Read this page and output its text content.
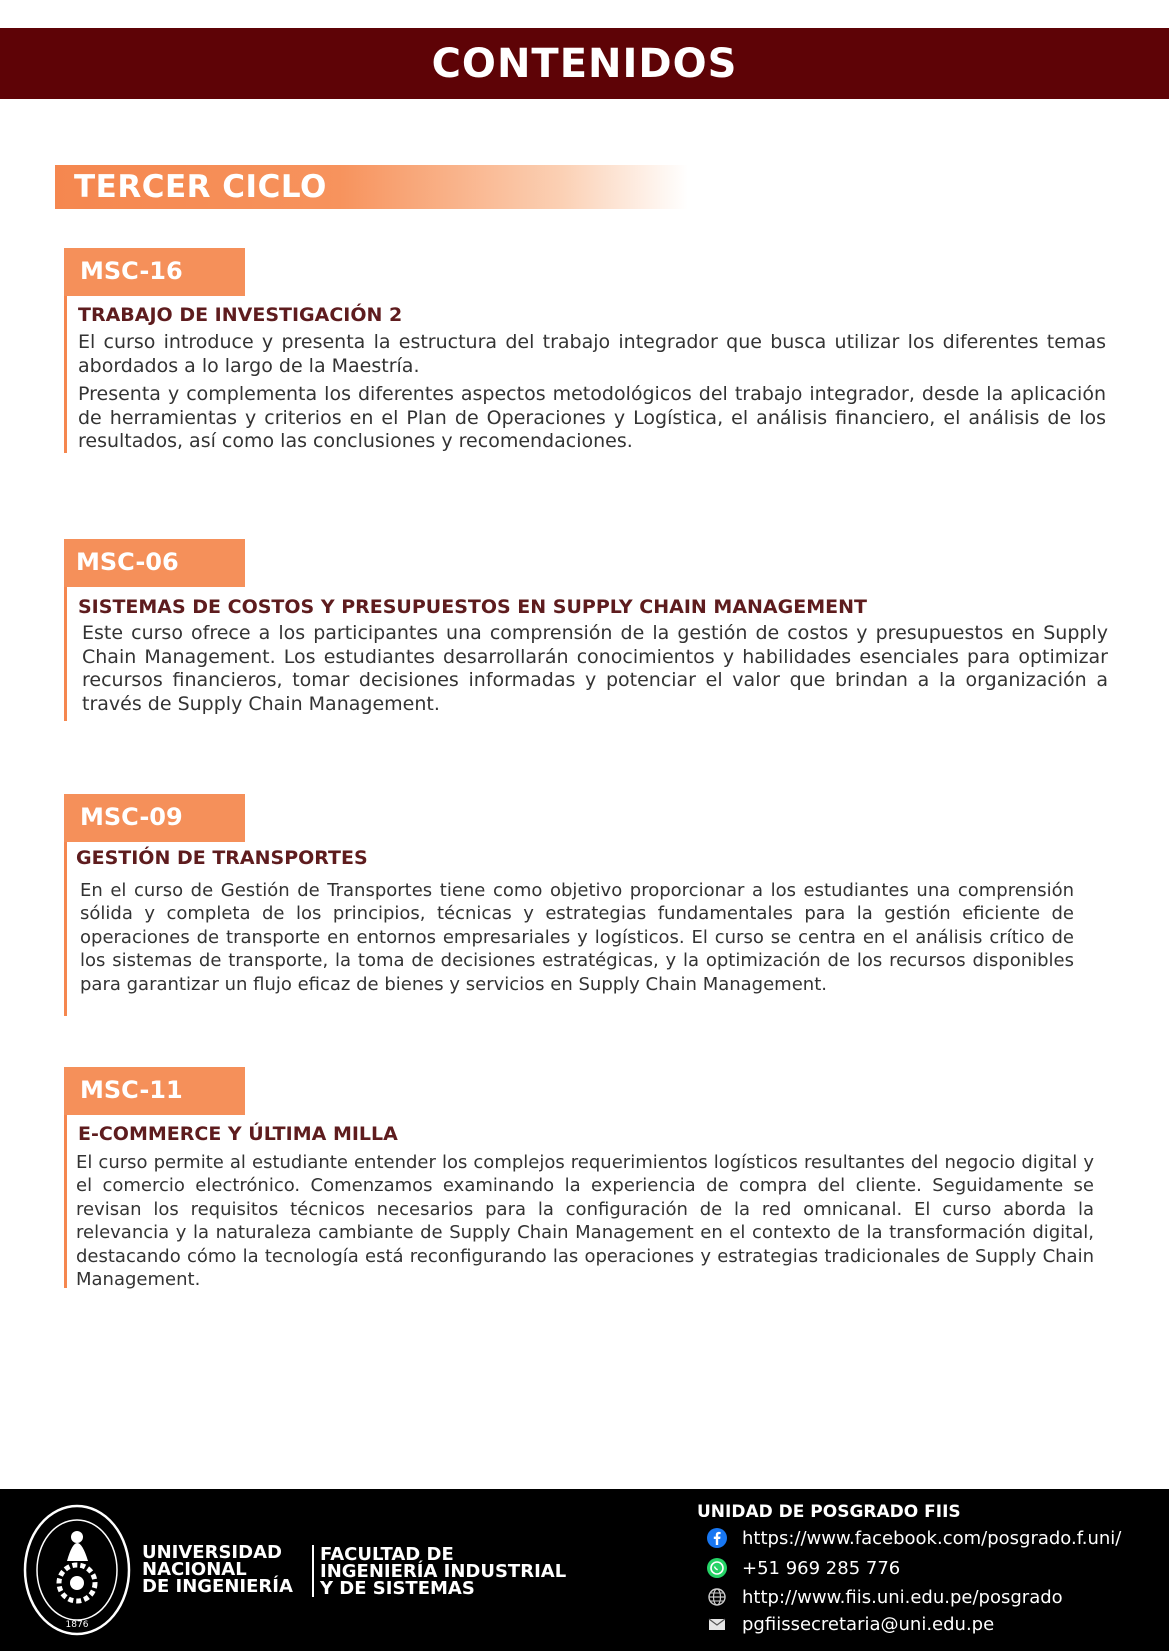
CONTENIDOS
TERCER CICLO
MSC-16
TRABAJO DE INVESTIGACIÓN 2

El curso introduce y presenta la estructura del trabajo integrador que busca utilizar los diferentes temas abordados a lo largo de la Maestría.

Presenta y complementa los diferentes aspectos metodológicos del trabajo integrador, desde la aplicación de herramientas y criterios en el Plan de Operaciones y Logística, el análisis financiero, el análisis de los resultados, así como las conclusiones y recomendaciones.

MSC-06
SISTEMAS DE COSTOS Y PRESUPUESTOS EN SUPPLY CHAIN MANAGEMENT

Este curso ofrece a los participantes una comprensión de la gestión de costos y presupuestos en Supply Chain Management. Los estudiantes desarrollarán conocimientos y habilidades esenciales para optimizar recursos financieros, tomar decisiones informadas y potenciar el valor que brindan a la organización a través de Supply Chain Management.

MSC-09
GESTIÓN DE TRANSPORTES

En el curso de Gestión de Transportes tiene como objetivo proporcionar a los estudiantes una comprensión sólida y completa de los principios, técnicas y estrategias fundamentales para la gestión eficiente de operaciones de transporte en entornos empresariales y logísticos. El curso se centra en el análisis crítico de los sistemas de transporte, la toma de decisiones estratégicas, y la optimización de los recursos disponibles para garantizar un flujo eficaz de bienes y servicios en Supply Chain Management.

MSC-11
E-COMMERCE Y ÚLTIMA MILLA

El curso permite al estudiante entender los complejos requerimientos logísticos resultantes del negocio digital y el comercio electrónico. Comenzamos examinando la experiencia de compra del cliente. Seguidamente se revisan los requisitos técnicos necesarios para la configuración de la red omnicanal. El curso aborda la relevancia y la naturaleza cambiante de Supply Chain Management en el contexto de la transformación digital, destacando cómo la tecnología está reconfigurando las operaciones y estrategias tradicionales de Supply Chain Management.

1876
UNIVERSIDAD
NACIONAL
DE INGENIERÍA
FACULTAD DE
INGENIERÍA INDUSTRIAL
Y DE SISTEMAS
UNIDAD DE POSGRADO FIIS
https://www.facebook.com/posgrado.f.uni/
+51 969 285 776
http://www.fiis.uni.edu.pe/posgrado
pgfiissecretaria@uni.edu.pe
